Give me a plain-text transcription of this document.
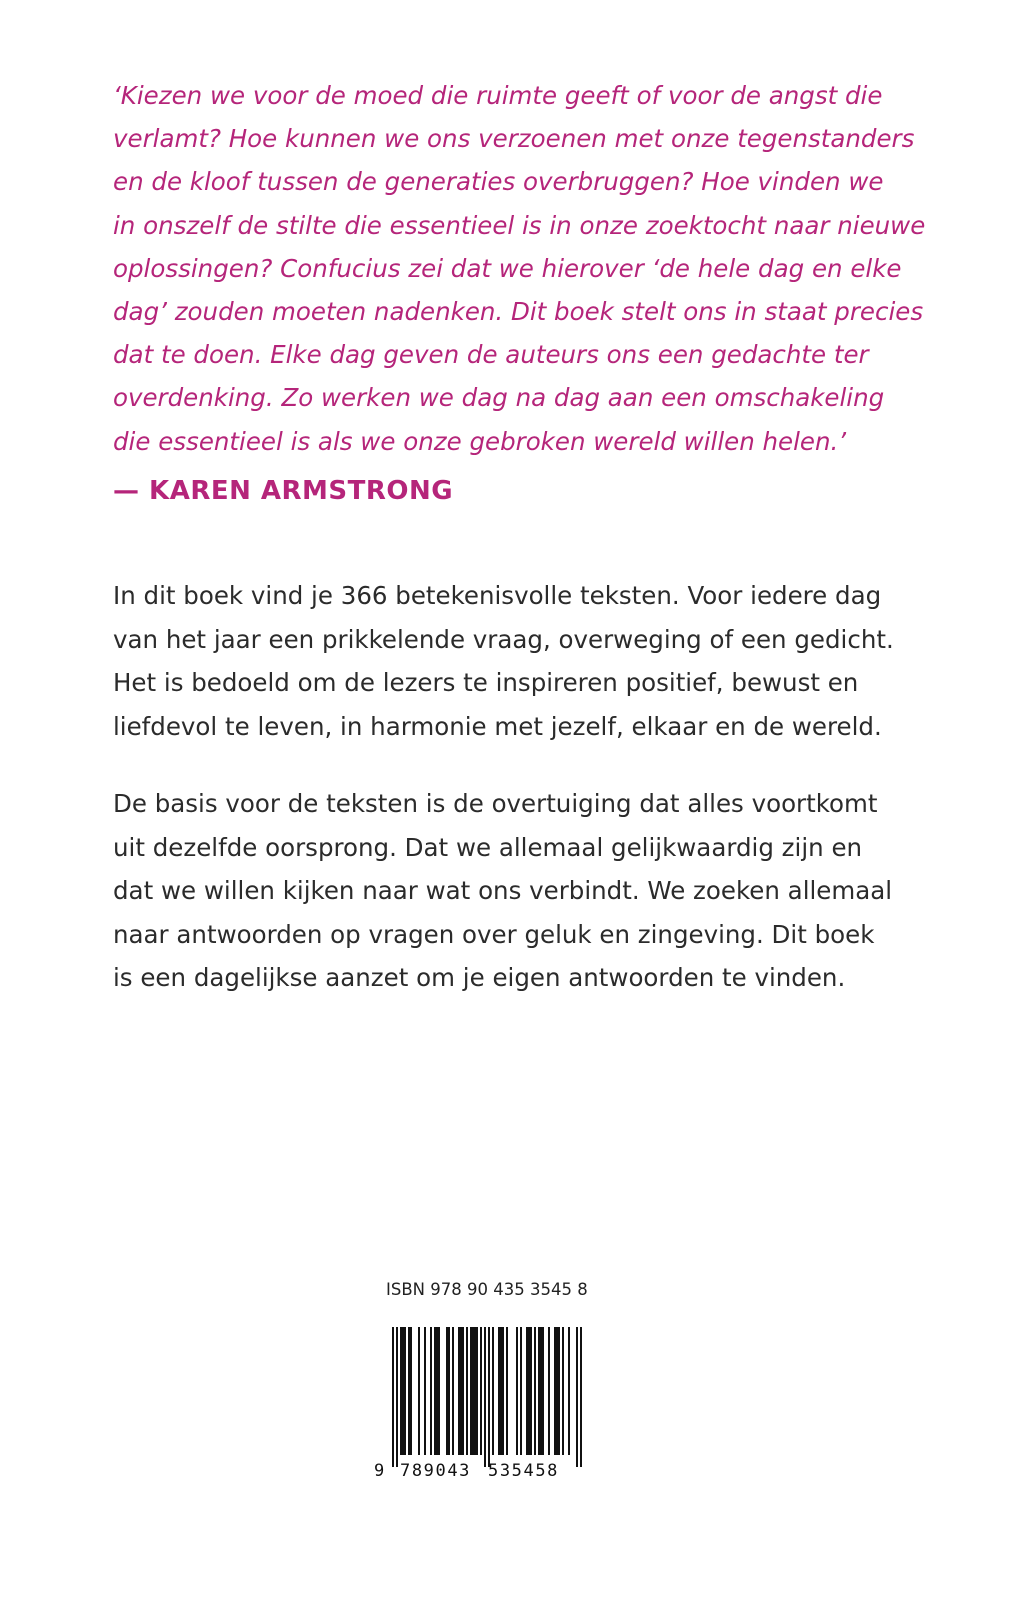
‘Kiezen we voor de moed die ruimte geeft of voor de angst die
verlamt? Hoe kunnen we ons verzoenen met onze tegenstanders
en de kloof tussen de generaties overbruggen? Hoe vinden we
in onszelf de stilte die essentieel is in onze zoektocht naar nieuwe
oplossingen? Confucius zei dat we hierover ‘de hele dag en elke
dag’ zouden moeten nadenken. Dit boek stelt ons in staat precies
dat te doen. Elke dag geven de auteurs ons een gedachte ter
overdenking. Zo werken we dag na dag aan een omschakeling
die essentieel is als we onze gebroken wereld willen helen.’
— KAREN ARMSTRONG
In dit boek vind je 366 betekenisvolle teksten. Voor iedere dag
van het jaar een prikkelende vraag, overweging of een gedicht.
Het is bedoeld om de lezers te inspireren positief, bewust en
liefdevol te leven, in harmonie met jezelf, elkaar en de wereld.
De basis voor de teksten is de overtuiging dat alles voortkomt
uit dezelfde oorsprong. Dat we allemaal gelijkwaardig zijn en
dat we willen kijken naar wat ons verbindt. We zoeken allemaal
naar antwoorden op vragen over geluk en zingeving. Dit boek
is een dagelijkse aanzet om je eigen antwoorden te vinden.
ISBN 978 90 435 3545 8
9 789043 535458
